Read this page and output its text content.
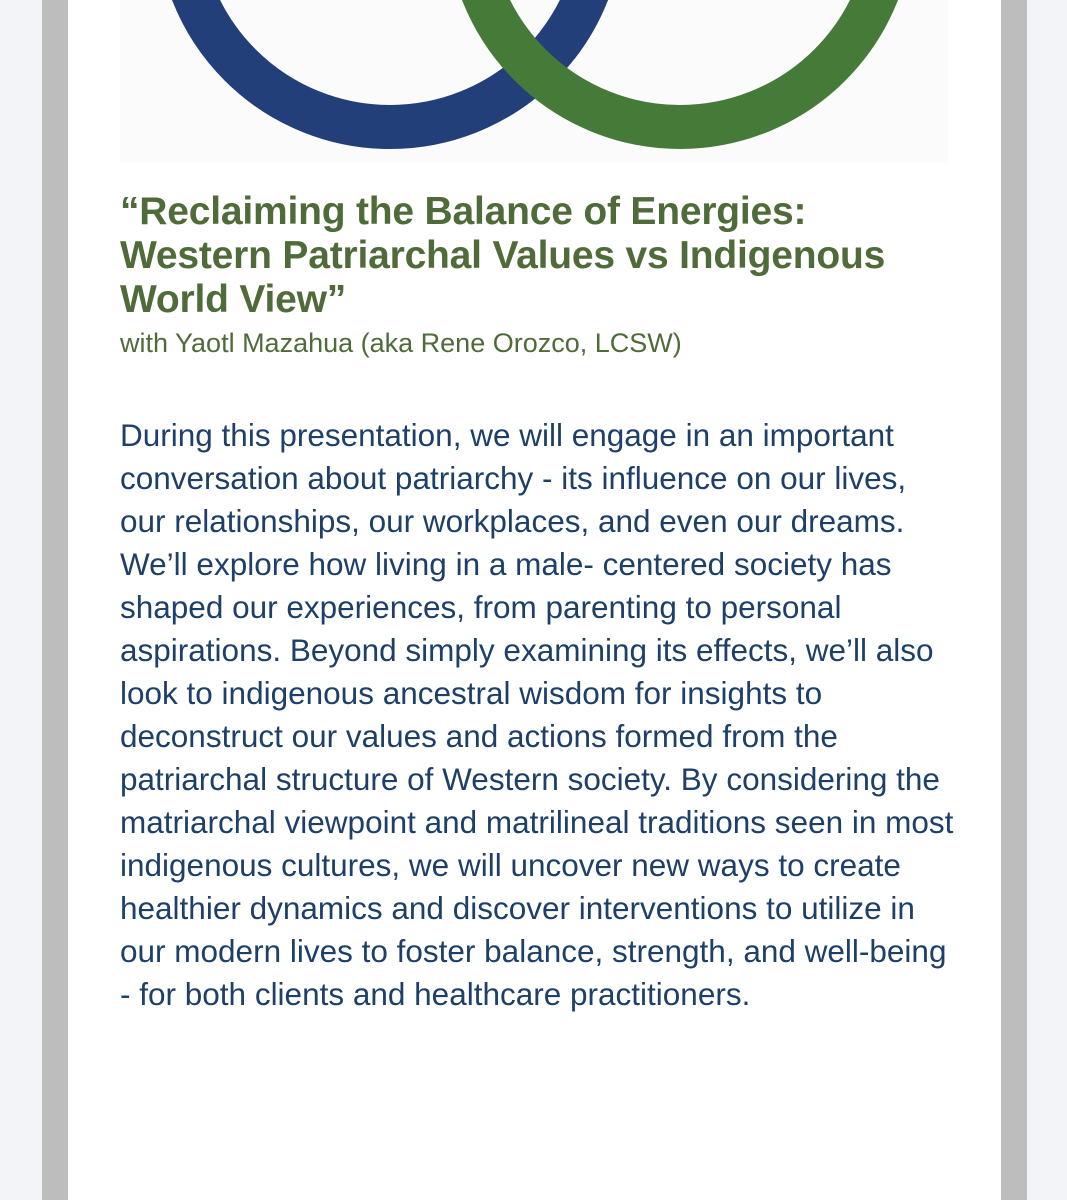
“Reclaiming the Balance of Energies: Western Patriarchal Values vs Indigenous World View”

with Yaotl Mazahua (aka Rene Orozco, LCSW)

During this presentation, we will engage in an important conversation about patriarchy - its influence on our lives, our relationships, our workplaces, and even our dreams. We’ll explore how living in a male- centered society has shaped our experiences, from parenting to personal aspirations. Beyond simply examining its effects, we’ll also look to indigenous ancestral wisdom for insights to deconstruct our values and actions formed from the patriarchal structure of Western society. By considering the matriarchal viewpoint and matrilineal traditions seen in most indigenous cultures, we will uncover new ways to create healthier dynamics and discover interventions to utilize in our modern lives to foster balance, strength, and well-being - for both clients and healthcare practitioners.
